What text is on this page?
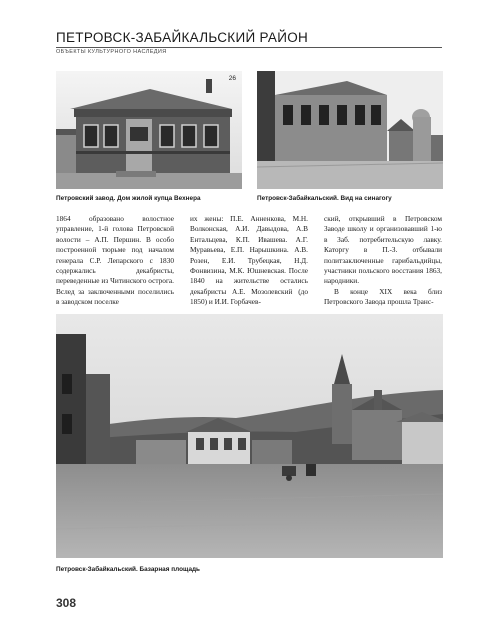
ПЕТРОВСК-ЗАБАЙКАЛЬСКИЙ РАЙОН
ОБЪЕКТЫ КУЛЬТУРНОГО НАСЛЕДИЯ
26
Петровский завод. Дом жилой купца Вехнера	Петровск-Забайкальский. Вид на синагогу

1864 образовано волостное управление, 1-й голова Петровской волости – А.П. Першин. В особо построенной тюрьме под началом генерала С.Р. Лепарского с 1830 содержались декабристы, переведенные из Читинского острога. Вслед за заключенными поселились в заводском поселке

их жены: П.Е. Анненкова, М.Н. Волконская, А.И. Давыдова, А.В Ентальцева, К.П. Ивашева. А.Г. Муравьева, Е.П. Нарышкина. А.В. Розен, Е.И. Трубецкая, Н.Д. Фонвизина, М.К. Юшневская. После 1840 на жительстве остались декабристы А.Е. Мозолевский (до 1850) и И.И. Горбачев-

ский, открывший в Петровском Заводе школу и организовавший 1-ю в Заб. потребительскую лавку. Каторгу в П.-З. отбывали политзаключенные гарибальдийцы, участники польского восстания 1863, народники.

В конце XIX века близ Петровского Завода прошла Транс-

Петровск-Забайкальский. Базарная площадь
308
